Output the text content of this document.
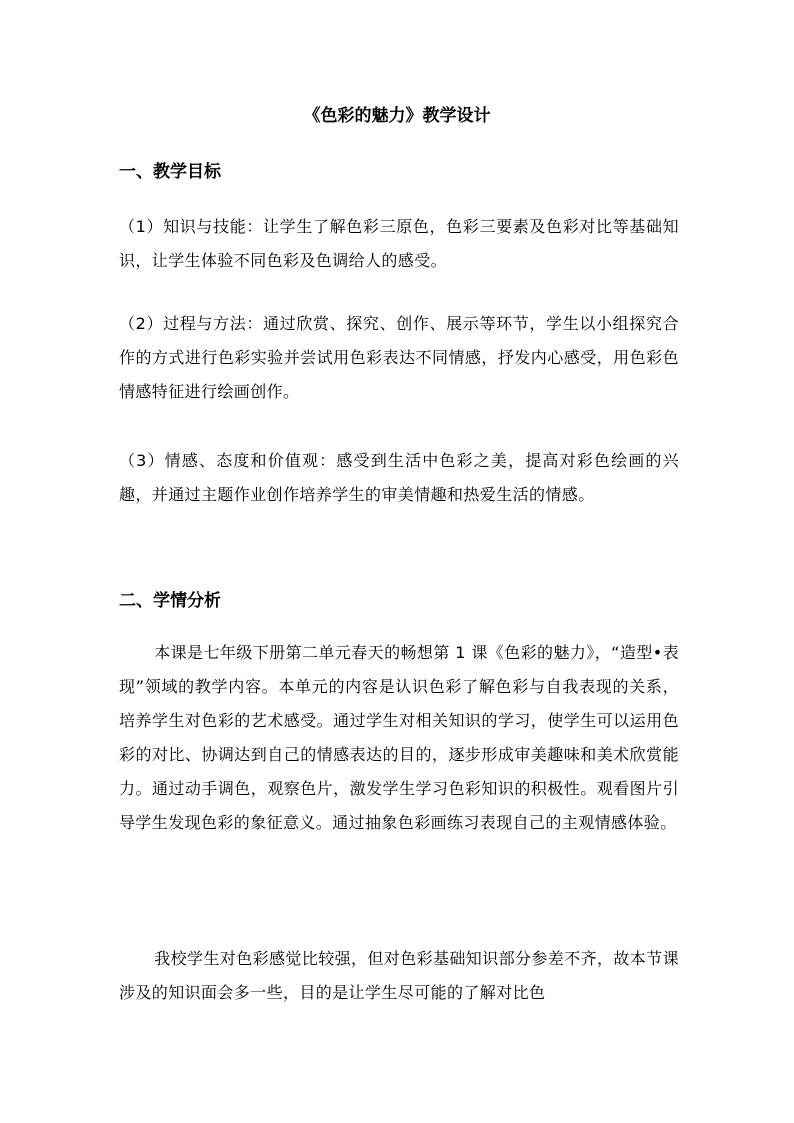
《色彩的魅力》教学设计
一、教学目标

（1）知识与技能：让学生了解色彩三原色，色彩三要素及色彩对比等基础知识，让学生体验不同色彩及色调给人的感受。

（2）过程与方法：通过欣赏、探究、创作、展示等环节，学生以小组探究合作的方式进行色彩实验并尝试用色彩表达不同情感，抒发内心感受，用色彩色情感特征进行绘画创作。

（3）情感、态度和价值观：感受到生活中色彩之美，提高对彩色绘画的兴趣，并通过主题作业创作培养学生的审美情趣和热爱生活的情感。

二、学情分析

本课是七年级下册第二单元春天的畅想第 1 课《色彩的魅力》，“造型•表现”领域的教学内容。本单元的内容是认识色彩了解色彩与自我表现的关系，培养学生对色彩的艺术感受。通过学生对相关知识的学习，使学生可以运用色彩的对比、协调达到自己的情感表达的目的，逐步形成审美趣味和美术欣赏能力。通过动手调色，观察色片，激发学生学习色彩知识的积极性。观看图片引导学生发现色彩的象征意义。通过抽象色彩画练习表现自己的主观情感体验。

我校学生对色彩感觉比较强，但对色彩基础知识部分参差不齐，故本节课涉及的知识面会多一些，目的是让学生尽可能的了解对比色
